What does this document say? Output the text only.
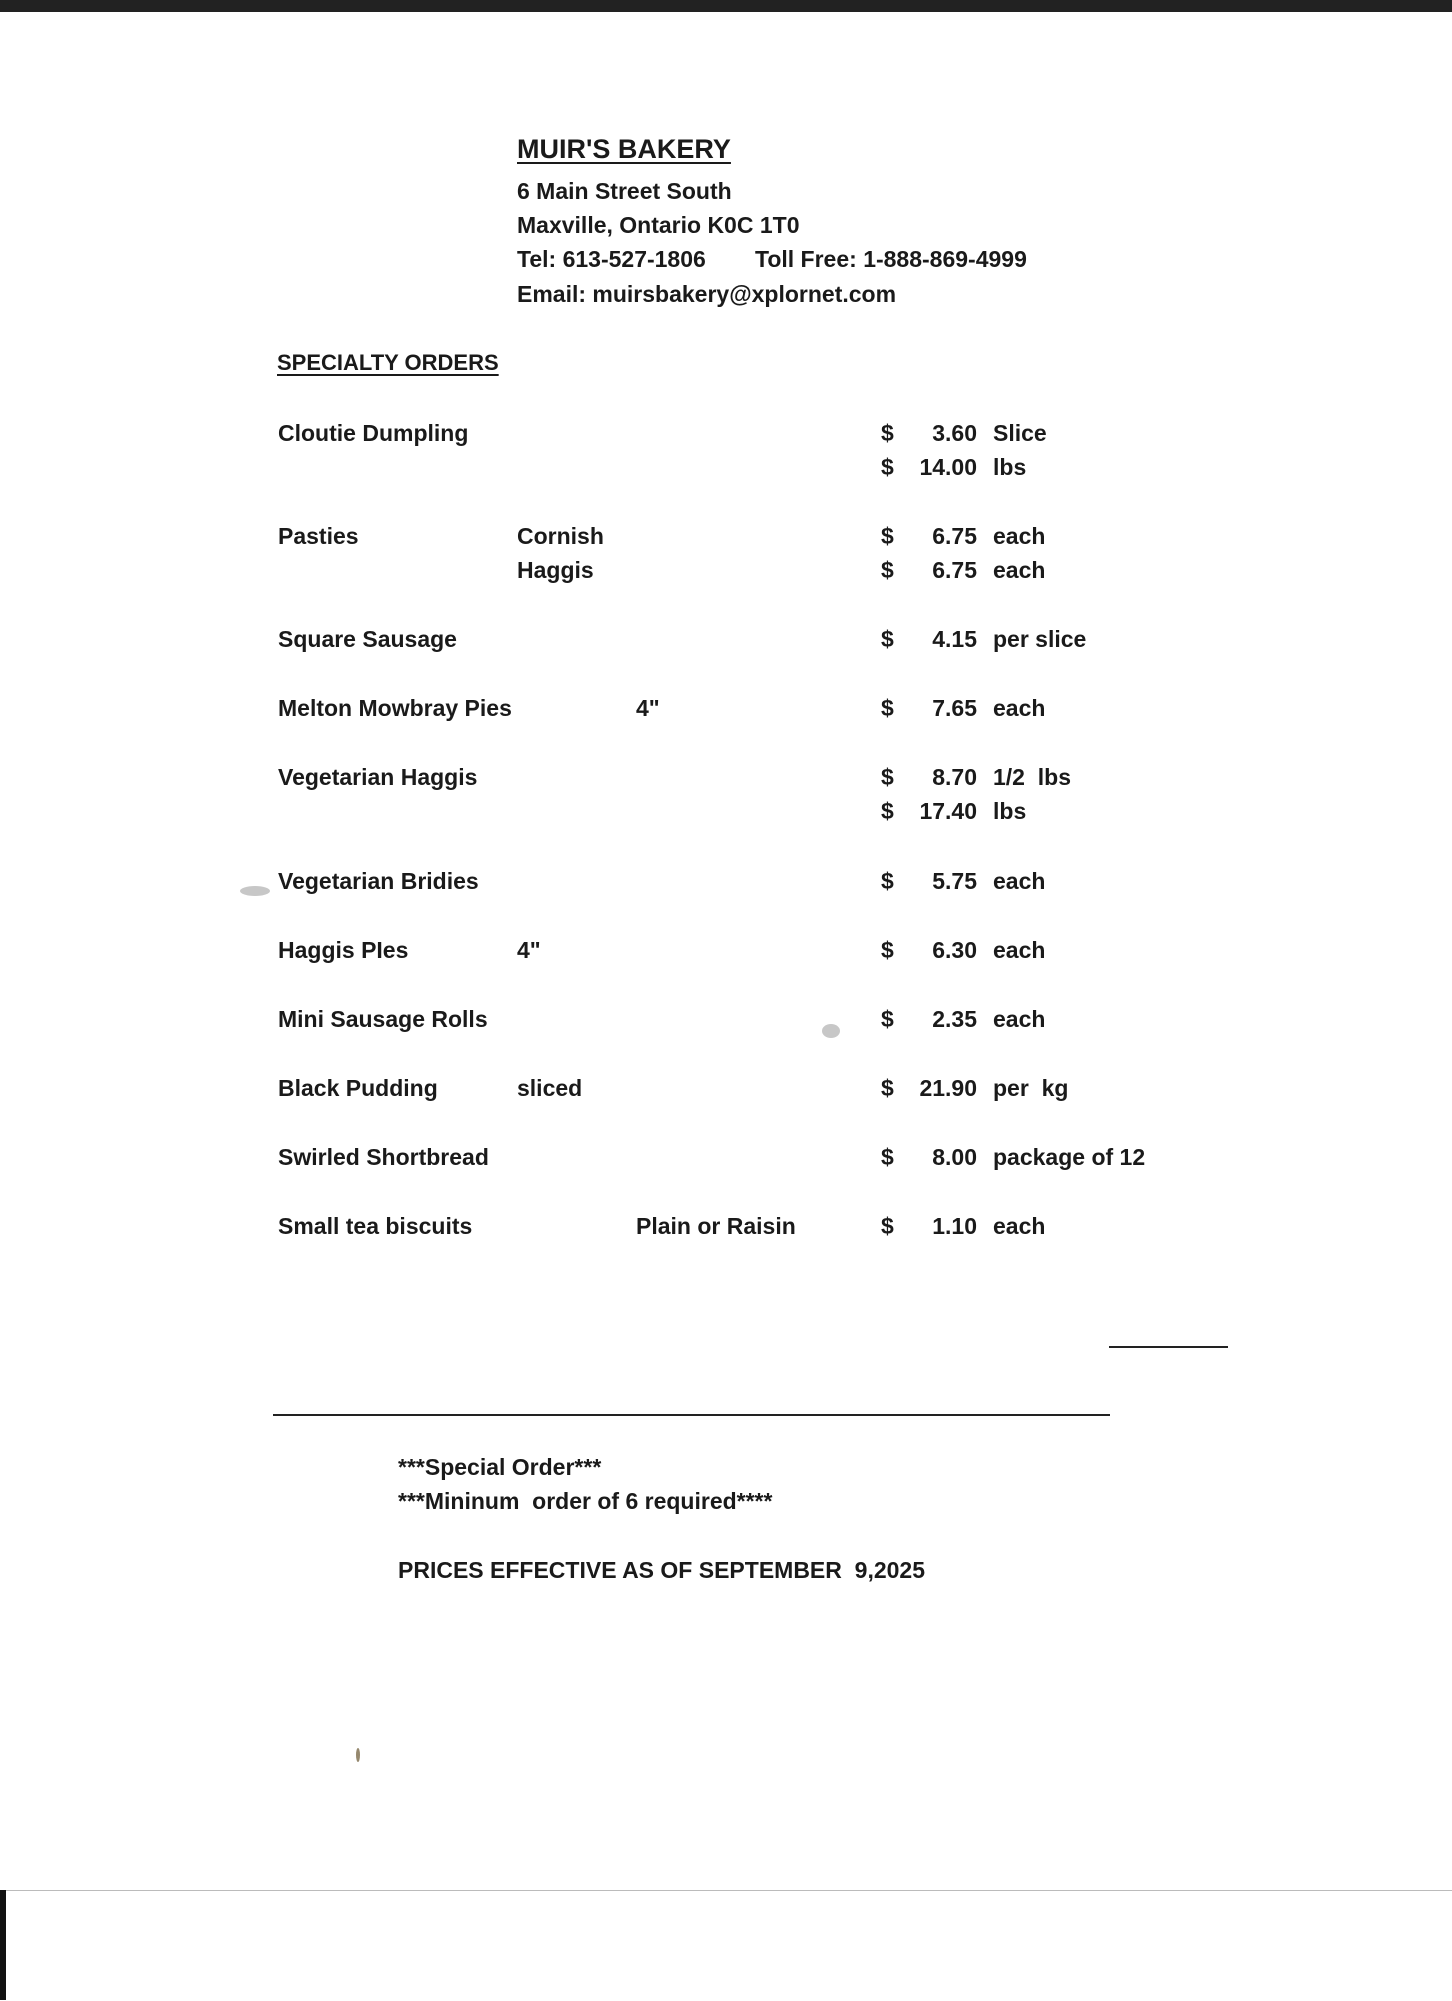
MUIR'S BAKERY
6 Main Street South
Maxville, Ontario K0C 1T0
Tel: 613-527-1806 Toll Free: 1-888-869-4999
Email: muirsbakery@xplornet.com
SPECIALTY ORDERS
Cloutie Dumpling	$	3.60 Slice
$	14.00 lbs
Pasties	Cornish	$	6.75 each
Haggis	$	6.75 each
Square Sausage	$	4.15 per slice
Melton Mowbray Pies	4"	$	7.65 each
Vegetarian Haggis	$	8.70 1/2  lbs
$	17.40 lbs
Vegetarian Bridies	$	5.75 each
Haggis PIes	4"	$	6.30 each
Mini Sausage Rolls	$	2.35 each
Black Pudding	sliced	$	21.90 per  kg
Swirled Shortbread	$	8.00 package of 12
Small tea biscuits	Plain or Raisin	$	1.10 each
***Special Order***
***Mininum  order of 6 required****
PRICES EFFECTIVE AS OF SEPTEMBER  9,2025
